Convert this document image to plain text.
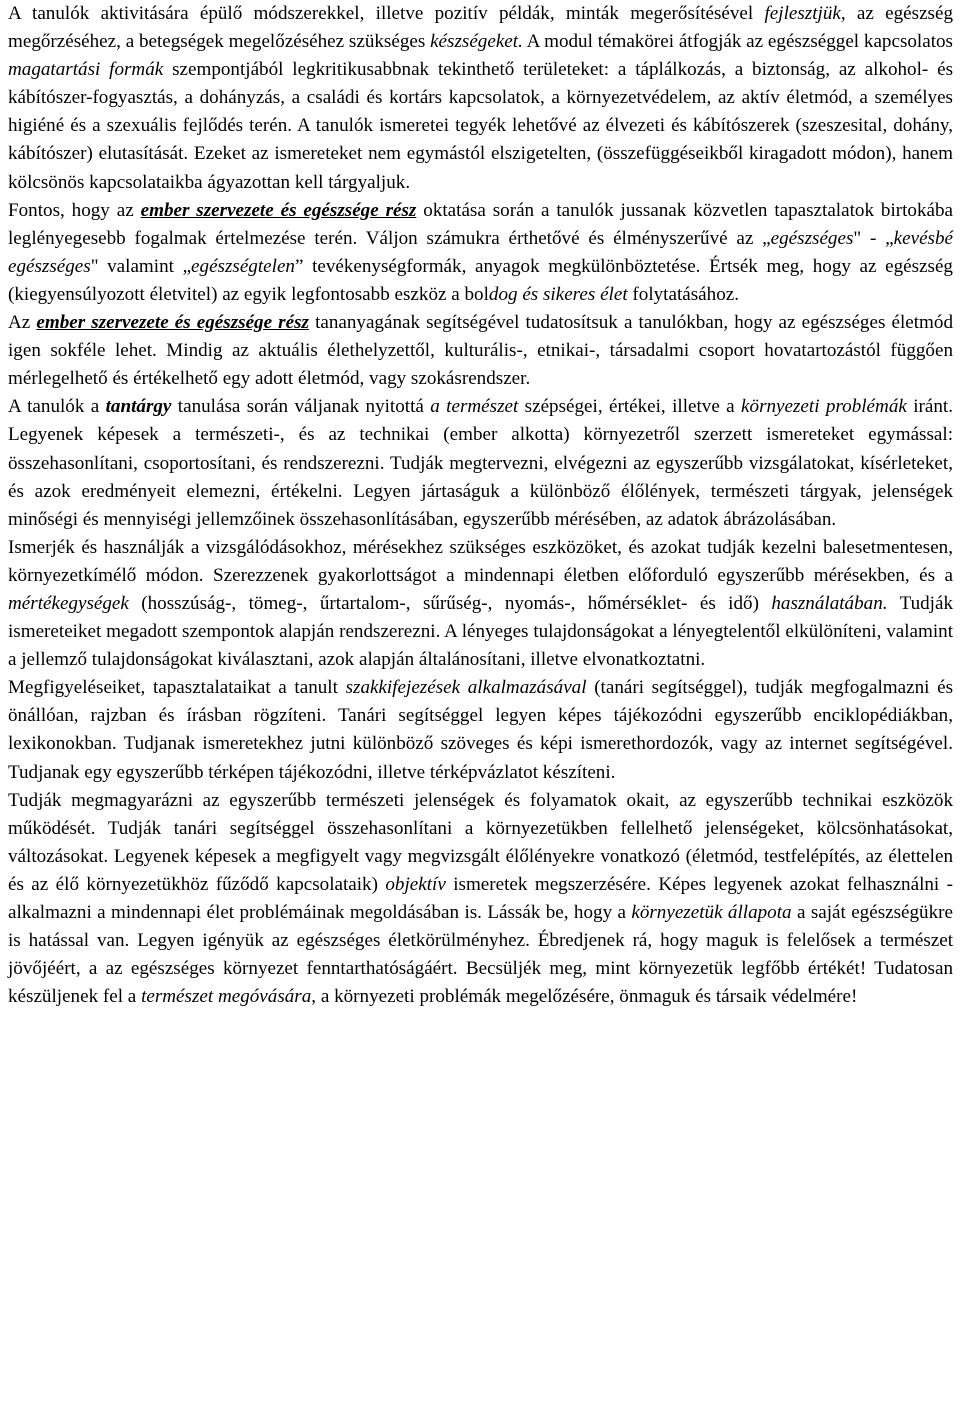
A tanulók aktivitására épülő módszerekkel, illetve pozitív példák, minták megerősítésével fejlesztjük, az egészség megőrzéséhez, a betegségek megelőzéséhez szükséges készségeket. A modul témakörei átfogják az egészséggel kapcsolatos magatartási formák szempontjából legkritikusabbnak tekinthető területeket: a táplálkozás, a biztonság, az alkohol- és kábítószer-fogyasztás, a dohányzás, a családi és kortárs kapcsolatok, a környezetvédelem, az aktív életmód, a személyes higiéné és a szexuális fejlődés terén. A tanulók ismeretei tegyék lehetővé az élvezeti és kábítószerek (szeszesital, dohány, kábítószer) elutasítását. Ezeket az ismereteket nem egymástól elszigetelten, (összefüggéseikből kiragadott módon), hanem kölcsönös kapcsolataikba ágyazottan kell tárgyaljuk.

Fontos, hogy az ember szervezete és egészsége rész oktatása során a tanulók jussanak közvetlen tapasztalatok birtokába leglényegesebb fogalmak értelmezése terén. Váljon számukra érthetővé és élményszerűvé az „egészséges" - „kevésbé egészséges" valamint „egészségtelen” tevékenységformák, anyagok megkülönböztetése. Értsék meg, hogy az egészség (kiegyensúlyozott életvitel) az egyik legfontosabb eszköz a boldog és sikeres élet folytatásához.

Az ember szervezete és egészsége rész tananyagának segítségével tudatosítsuk a tanulókban, hogy az egészséges életmód igen sokféle lehet. Mindig az aktuális élethelyzettől, kulturális-, etnikai-, társadalmi csoport hovatartozástól függően mérlegelhető és értékelhető egy adott életmód, vagy szokásrendszer.

A tanulók a tantárgy tanulása során váljanak nyitottá a természet szépségei, értékei, illetve a környezeti problémák iránt. Legyenek képesek a természeti-, és az technikai (ember alkotta) környezetről szerzett ismereteket egymással: összehasonlítani, csoportosítani, és rendszerezni. Tudják megtervezni, elvégezni az egyszerűbb vizsgálatokat, kísérleteket, és azok eredményeit elemezni, értékelni. Legyen jártaságuk a különböző élőlények, természeti tárgyak, jelenségek minőségi és mennyiségi jellemzőinek összehasonlításában, egyszerűbb mérésében, az adatok ábrázolásában.

Ismerjék és használják a vizsgálódásokhoz, mérésekhez szükséges eszközöket, és azokat tudják kezelni balesetmentesen, környezetkímélő módon. Szerezzenek gyakorlottságot a mindennapi életben előforduló egyszerűbb mérésekben, és a mértékegységek (hosszúság-, tömeg-, űrtartalom-, sűrűség-, nyomás-, hőmérséklet- és idő) használatában. Tudják ismereteiket megadott szempontok alapján rendszerezni. A lényeges tulajdonságokat a lényegtelentől elkülöníteni, valamint a jellemző tulajdonságokat kiválasztani, azok alapján általánosítani, illetve elvonatkoztatni.

Megfigyeléseiket, tapasztalataikat a tanult szakkifejezések alkalmazásával (tanári segítséggel), tudják megfogalmazni és önállóan, rajzban és írásban rögzíteni. Tanári segítséggel legyen képes tájékozódni egyszerűbb enciklopédiákban, lexikonokban. Tudjanak ismeretekhez jutni különböző szöveges és képi ismerethordozók, vagy az internet segítségével. Tudjanak egy egyszerűbb térképen tájékozódni, illetve térképvázlatot készíteni.

Tudják megmagyarázni az egyszerűbb természeti jelenségek és folyamatok okait, az egyszerűbb technikai eszközök működését. Tudják tanári segítséggel összehasonlítani a környezetükben fellelhető jelenségeket, kölcsönhatásokat, változásokat. Legyenek képesek a megfigyelt vagy megvizsgált élőlényekre vonatkozó (életmód, testfelépítés, az élettelen és az élő környezetükhöz fűződő kapcsolataik) objektív ismeretek megszerzésére. Képes legyenek azokat felhasználni - alkalmazni a mindennapi élet problémáinak megoldásában is. Lássák be, hogy a környezetük állapota a saját egészségükre is hatással van. Legyen igényük az egészséges életkörülményhez. Ébredjenek rá, hogy maguk is felelősek a természet jövőjéért, a az egészséges környezet fenntarthatóságáért. Becsüljék meg, mint környezetük legfőbb értékét! Tudatosan készüljenek fel a természet megóvására, a környezeti problémák megelőzésére, önmaguk és társaik védelmére!
